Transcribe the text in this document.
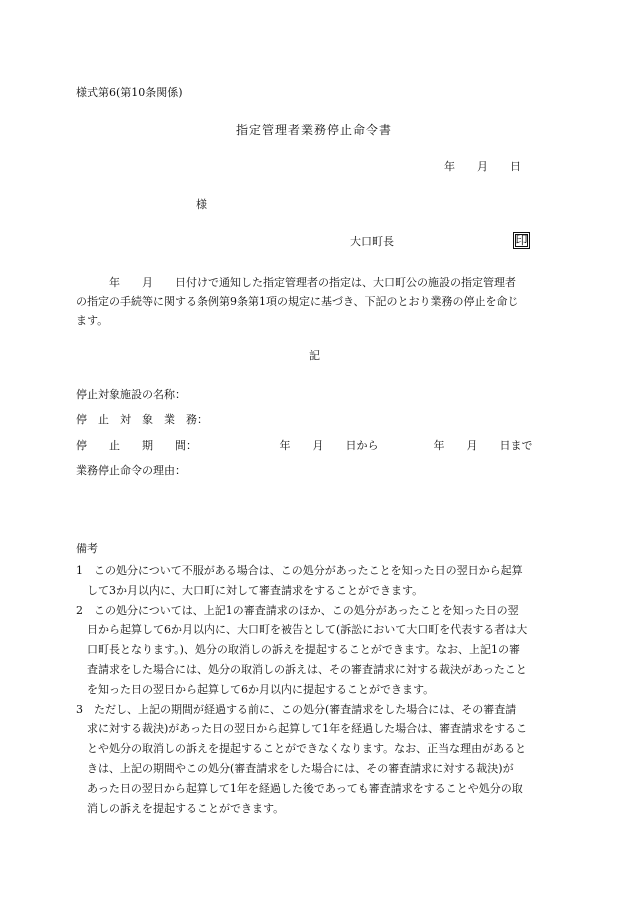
様式第6(第10条関係)
指定管理者業務停止命令書
年　　月　　日
様
大口町長	印
　　　年　　月　　日付けで通知した指定管理者の指定は、大口町公の施設の指定管理者
の指定の手続等に関する条例第9条第1項の規定に基づき、下記のとおり業務の停止を命じ
ます。
記
停止対象施設の名称：
停　止　対　象　業　務：
停　　止　　期　　間：　　　　　　　　年　　月　　日から　　　　　年　　月　　日まで
業務停止命令の理由：
備考
1　この処分について不服がある場合は、この処分があったことを知った日の翌日から起算
　して3か月以内に、大口町に対して審査請求をすることができます。
2　この処分については、上記1の審査請求のほか、この処分があったことを知った日の翌
　日から起算して6か月以内に、大口町を被告として(訴訟において大口町を代表する者は大
　口町長となります。)、処分の取消しの訴えを提起することができます。なお、上記1の審
　査請求をした場合には、処分の取消しの訴えは、その審査請求に対する裁決があったこと
　を知った日の翌日から起算して6か月以内に提起することができます。
3　ただし、上記の期間が経過する前に、この処分(審査請求をした場合には、その審査請
　求に対する裁決)があった日の翌日から起算して1年を経過した場合は、審査請求をするこ
　とや処分の取消しの訴えを提起することができなくなります。なお、正当な理由があると
　きは、上記の期間やこの処分(審査請求をした場合には、その審査請求に対する裁決)が
　あった日の翌日から起算して1年を経過した後であっても審査請求をすることや処分の取
　消しの訴えを提起することができます。
